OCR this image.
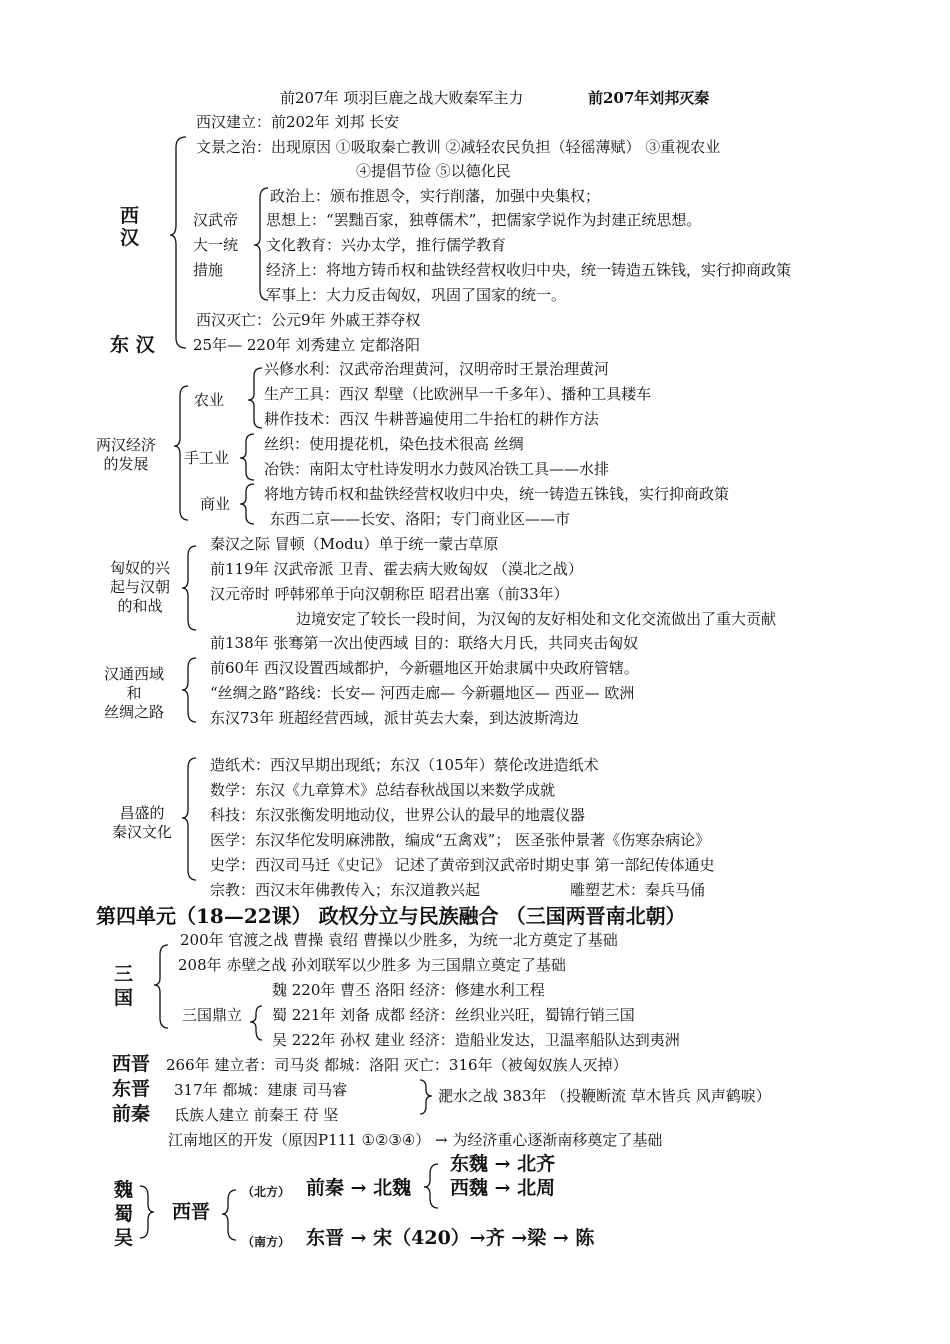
前207年 项羽巨鹿之战大败秦军主力	前207年刘邦灭秦
西汉建立：前202年 刘邦 长安
文景之治：出现原因 ①吸取秦亡教训 ②减轻农民负担（轻徭薄赋） ③重视农业
④提倡节俭 ⑤以德化民
西
汉
汉武帝
大一统
措施
政治上：颁布推恩令，实行削藩，加强中央集权；
思想上：“罢黜百家，独尊儒术”，把儒家学说作为封建正统思想。
文化教育：兴办太学，推行儒学教育
经济上：将地方铸币权和盐铁经营权收归中央，统一铸造五铢钱，实行抑商政策
军事上：大力反击匈奴，巩固了国家的统一。
西汉灭亡：公元9年 外戚王莽夺权
东 汉	25年— 220年 刘秀建立 定都洛阳
两汉经济
的发展
农业
兴修水利：汉武帝治理黄河，汉明帝时王景治理黄河
生产工具：西汉 犁壁（比欧洲早一千多年）、播种工具耧车
耕作技术：西汉 牛耕普遍使用二牛抬杠的耕作方法
手工业
丝织：使用提花机，染色技术很高 丝绸
冶铁：南阳太守杜诗发明水力鼓风冶铁工具——水排
商业
将地方铸币权和盐铁经营权收归中央，统一铸造五铢钱，实行抑商政策
东西二京——长安、洛阳；专门商业区——市
匈奴的兴
起与汉朝
的和战
秦汉之际 冒顿（Modu）单于统一蒙古草原
前119年 汉武帝派 卫青、霍去病大败匈奴 （漠北之战）
汉元帝时 呼韩邪单于向汉朝称臣 昭君出塞（前33年）
边境安定了较长一段时间，为汉匈的友好相处和文化交流做出了重大贡献
汉通西域
和
丝绸之路
前138年 张骞第一次出使西域 目的：联络大月氏，共同夹击匈奴
前60年 西汉设置西域都护，今新疆地区开始隶属中央政府管辖。
“丝绸之路”路线：长安— 河西走廊— 今新疆地区— 西亚— 欧洲
东汉73年 班超经营西域，派甘英去大秦，到达波斯湾边
昌盛的
秦汉文化
造纸术：西汉早期出现纸；东汉（105年）蔡伦改进造纸术
数学：东汉《九章算术》总结春秋战国以来数学成就
科技：东汉张衡发明地动仪，世界公认的最早的地震仪器
医学：东汉华佗发明麻沸散，编成“五禽戏”； 医圣张仲景著《伤寒杂病论》
史学：西汉司马迁《史记》 记述了黄帝到汉武帝时期史事 第一部纪传体通史
宗教：西汉末年佛教传入；东汉道教兴起	雕塑艺术：秦兵马俑
第四单元（18—22课） 政权分立与民族融合 （三国两晋南北朝）
200年 官渡之战 曹操 袁绍 曹操以少胜多，为统一北方奠定了基础
208年 赤壁之战 孙刘联军以少胜多 为三国鼎立奠定了基础
三
国
三国鼎立
魏 220年 曹丕 洛阳 经济：修建水利工程
蜀 221年 刘备 成都 经济：丝织业兴旺，蜀锦行销三国
吴 222年 孙权 建业 经济：造船业发达，卫温率船队达到夷洲
西晋 266年 建立者：司马炎 都城：洛阳 灭亡：316年（被匈奴族人灭掉）
东晋 317年 都城：建康 司马睿
前秦 氐族人建立 前秦王 苻 坚
淝水之战 383年 （投鞭断流 草木皆兵 风声鹤唳）
江南地区的开发（原因P111 ①②③④） → 为经济重心逐渐南移奠定了基础
魏
蜀
吴
西晋
（北方）
（南方）
前秦 → 北魏
东魏 → 北齐
西魏 → 北周
东晋 → 宋（420）→齐 →梁 → 陈
